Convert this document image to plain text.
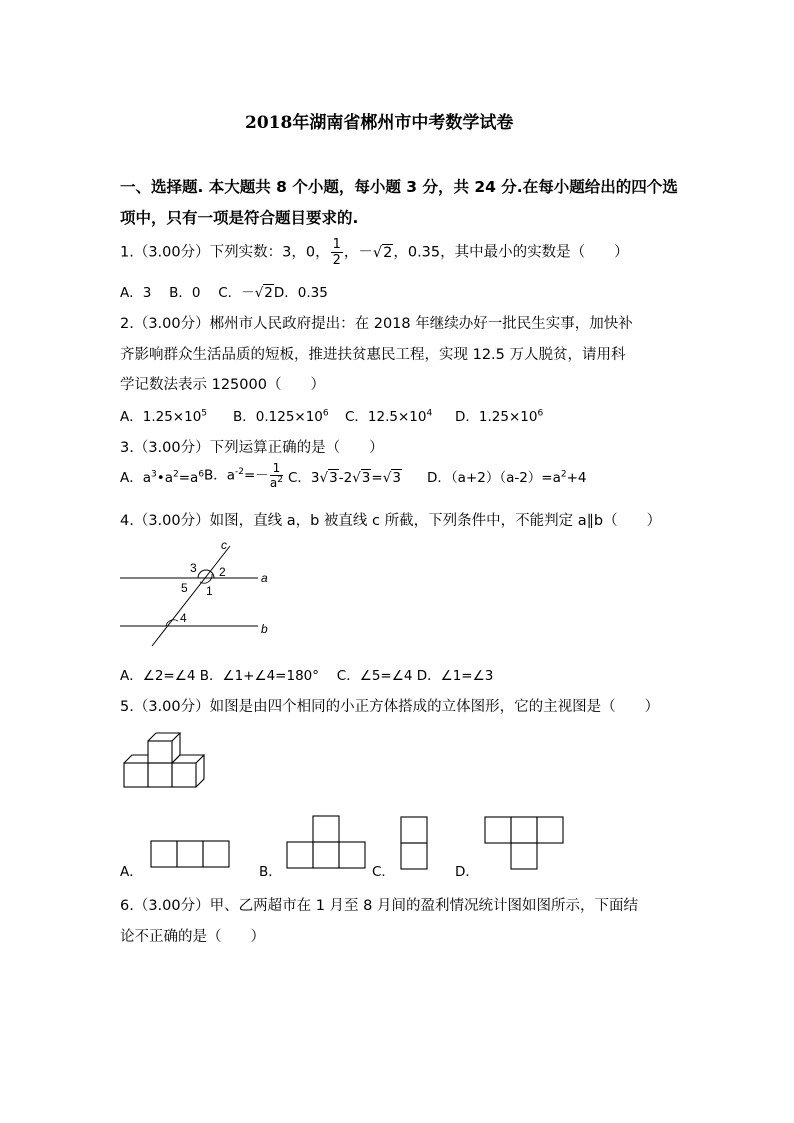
2018年湖南省郴州市中考数学试卷
一、选择题. 本大题共 8 个小题，每小题 3 分，共 24 分.在每小题给出的四个选
项中，只有一项是符合题目要求的.
1.（3.00分）下列实数：3，0， $\frac{1}{2}$ ，－√2，0.35，其中最小的实数是（　　）
A．3　 B．0　 C．－√2D．0.35
2.（3.00分）郴州市人民政府提出：在 2018 年继续办好一批民生实事，加快补
齐影响群众生活品质的短板，推进扶贫惠民工程，实现 12.5 万人脱贫，请用科
学记数法表示 125000（　　）
A．$1.25\times 10^5$ B．$0.125\times 10^6$ C．$12.5\times 10^4$ D．$1.25\times 10^6$
3.（3.00分）下列运算正确的是（　　）
A．$a^3•a^2=a^6$ B．$a^{-2}=- \frac{1}{a^2}$ C．3√3-2√3=√3 D．$(a+2)(a-2)=a^2+4$
4.（3.00分）如图，直线 a，b 被直线 c 所截，下列条件中，不能判定 a∥b（　　）
c
a
b
3 2
5 1
4
A．∠2=∠4 B．∠1+∠4=180°　 C．∠5=∠4 D．∠1=∠3
5.（3.00分）如图是由四个相同的小正方体搭成的立体图形，它的主视图是（　　）
A．	B．	C．	D．
6.（3.00分）甲、乙两超市在 1 月至 8 月间的盈利情况统计图如图所示，下面结
论不正确的是（　　）
